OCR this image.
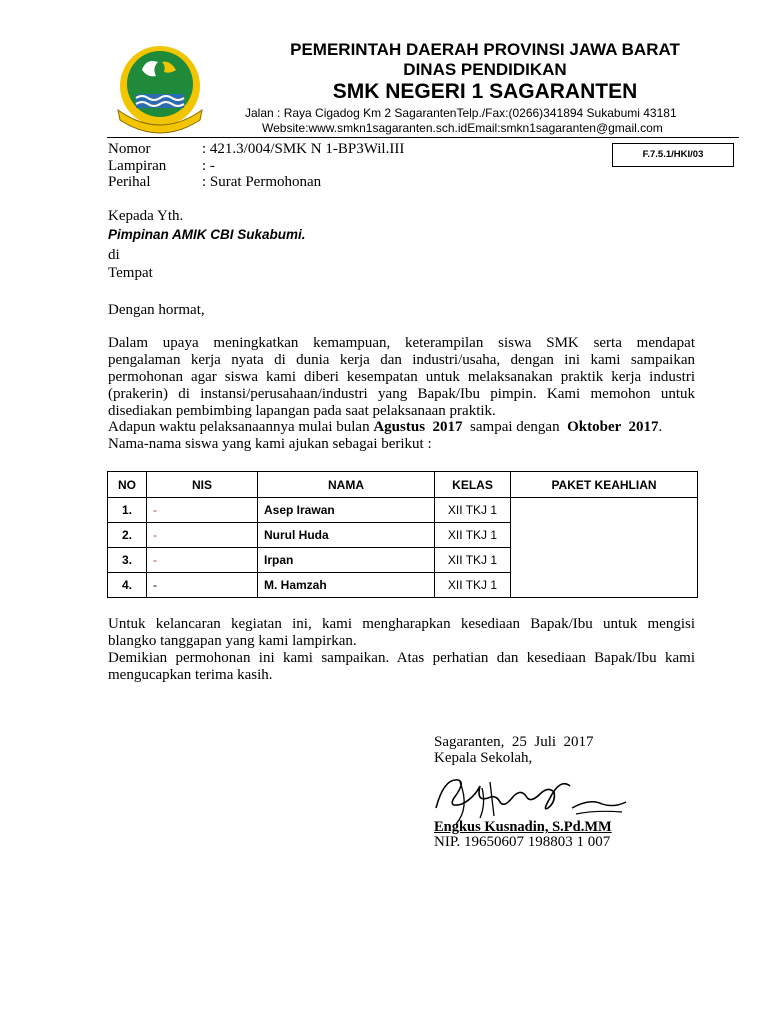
PEMERINTAH DAERAH PROVINSI JAWA BARAT
DINAS PENDIDIKAN
SMK NEGERI 1 SAGARANTEN
Jalan : Raya Cigadog Km 2 SagarantenTelp./Fax:(0266)341894 Sukabumi 43181
Website:www.smkn1sagaranten.sch.idEmail:smkn1sagaranten@gmail.com
F.7.5.1/HKI/03
Nomor	: 421.3/004/SMK N 1-BP3Wil.III
Lampiran : -
Perihal	: Surat Permohonan
Kepada Yth.
Pimpinan AMIK CBI Sukabumi.
di
Tempat
Dengan hormat,
Dalam upaya meningkatkan kemampuan, keterampilan siswa SMK serta mendapat
pengalaman kerja nyata di dunia kerja dan industri/usaha, dengan ini kami sampaikan
permohonan agar siswa kami diberi kesempatan untuk melaksanakan praktik kerja industri
(prakerin) di instansi/perusahaan/industri yang Bapak/Ibu pimpin. Kami memohon untuk
disediakan pembimbing lapangan pada saat pelaksanaan praktik.
Adapun waktu pelaksanaannya mulai bulan Agustus  2017  sampai dengan  Oktober  2017.
Nama-nama siswa yang kami ajukan sebagai berikut :
NO	NIS	NAMA	KELAS	PAKET KEAHLIAN
1.	-	Asep Irawan	XII TKJ 1	
2.	-	Nurul Huda	XII TKJ 1	
3.	-	Irpan	XII TKJ 1	
4.	-	M. Hamzah	XII TKJ 1	
Untuk kelancaran kegiatan ini, kami mengharapkan kesediaan Bapak/Ibu untuk mengisi
blangko tanggapan yang kami lampirkan.
Demikian permohonan ini kami sampaikan. Atas perhatian dan kesediaan Bapak/Ibu kami
mengucapkan terima kasih.
Sagaranten,  25  Juli  2017
Kepala Sekolah,
Engkus Kusnadin, S.Pd.MM
NIP. 19650607 198803 1 007
